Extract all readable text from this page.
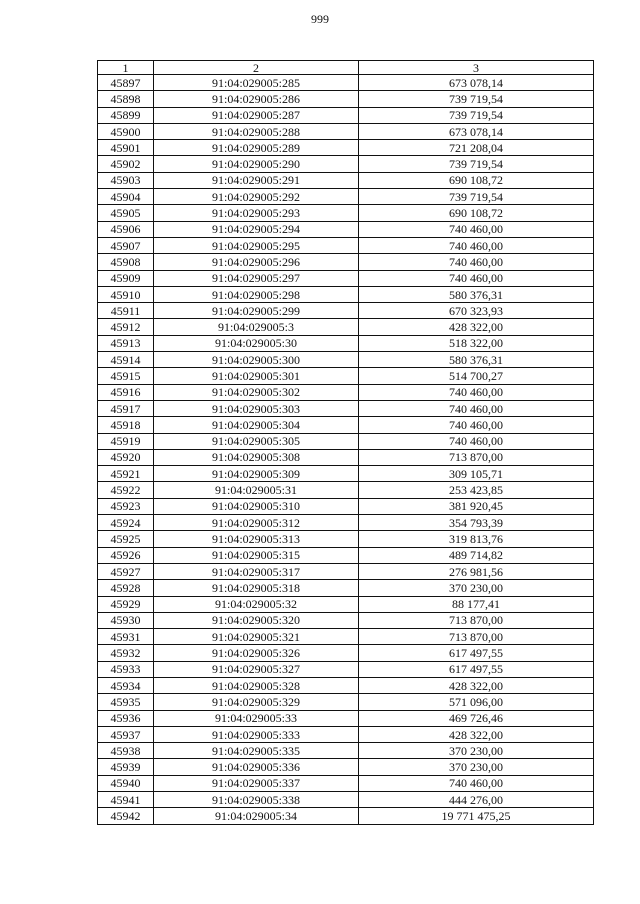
999
1	2	3
45897	91:04:029005:285	673 078,14
45898	91:04:029005:286	739 719,54
45899	91:04:029005:287	739 719,54
45900	91:04:029005:288	673 078,14
45901	91:04:029005:289	721 208,04
45902	91:04:029005:290	739 719,54
45903	91:04:029005:291	690 108,72
45904	91:04:029005:292	739 719,54
45905	91:04:029005:293	690 108,72
45906	91:04:029005:294	740 460,00
45907	91:04:029005:295	740 460,00
45908	91:04:029005:296	740 460,00
45909	91:04:029005:297	740 460,00
45910	91:04:029005:298	580 376,31
45911	91:04:029005:299	670 323,93
45912	91:04:029005:3	428 322,00
45913	91:04:029005:30	518 322,00
45914	91:04:029005:300	580 376,31
45915	91:04:029005:301	514 700,27
45916	91:04:029005:302	740 460,00
45917	91:04:029005:303	740 460,00
45918	91:04:029005:304	740 460,00
45919	91:04:029005:305	740 460,00
45920	91:04:029005:308	713 870,00
45921	91:04:029005:309	309 105,71
45922	91:04:029005:31	253 423,85
45923	91:04:029005:310	381 920,45
45924	91:04:029005:312	354 793,39
45925	91:04:029005:313	319 813,76
45926	91:04:029005:315	489 714,82
45927	91:04:029005:317	276 981,56
45928	91:04:029005:318	370 230,00
45929	91:04:029005:32	88 177,41
45930	91:04:029005:320	713 870,00
45931	91:04:029005:321	713 870,00
45932	91:04:029005:326	617 497,55
45933	91:04:029005:327	617 497,55
45934	91:04:029005:328	428 322,00
45935	91:04:029005:329	571 096,00
45936	91:04:029005:33	469 726,46
45937	91:04:029005:333	428 322,00
45938	91:04:029005:335	370 230,00
45939	91:04:029005:336	370 230,00
45940	91:04:029005:337	740 460,00
45941	91:04:029005:338	444 276,00
45942	91:04:029005:34	19 771 475,25
